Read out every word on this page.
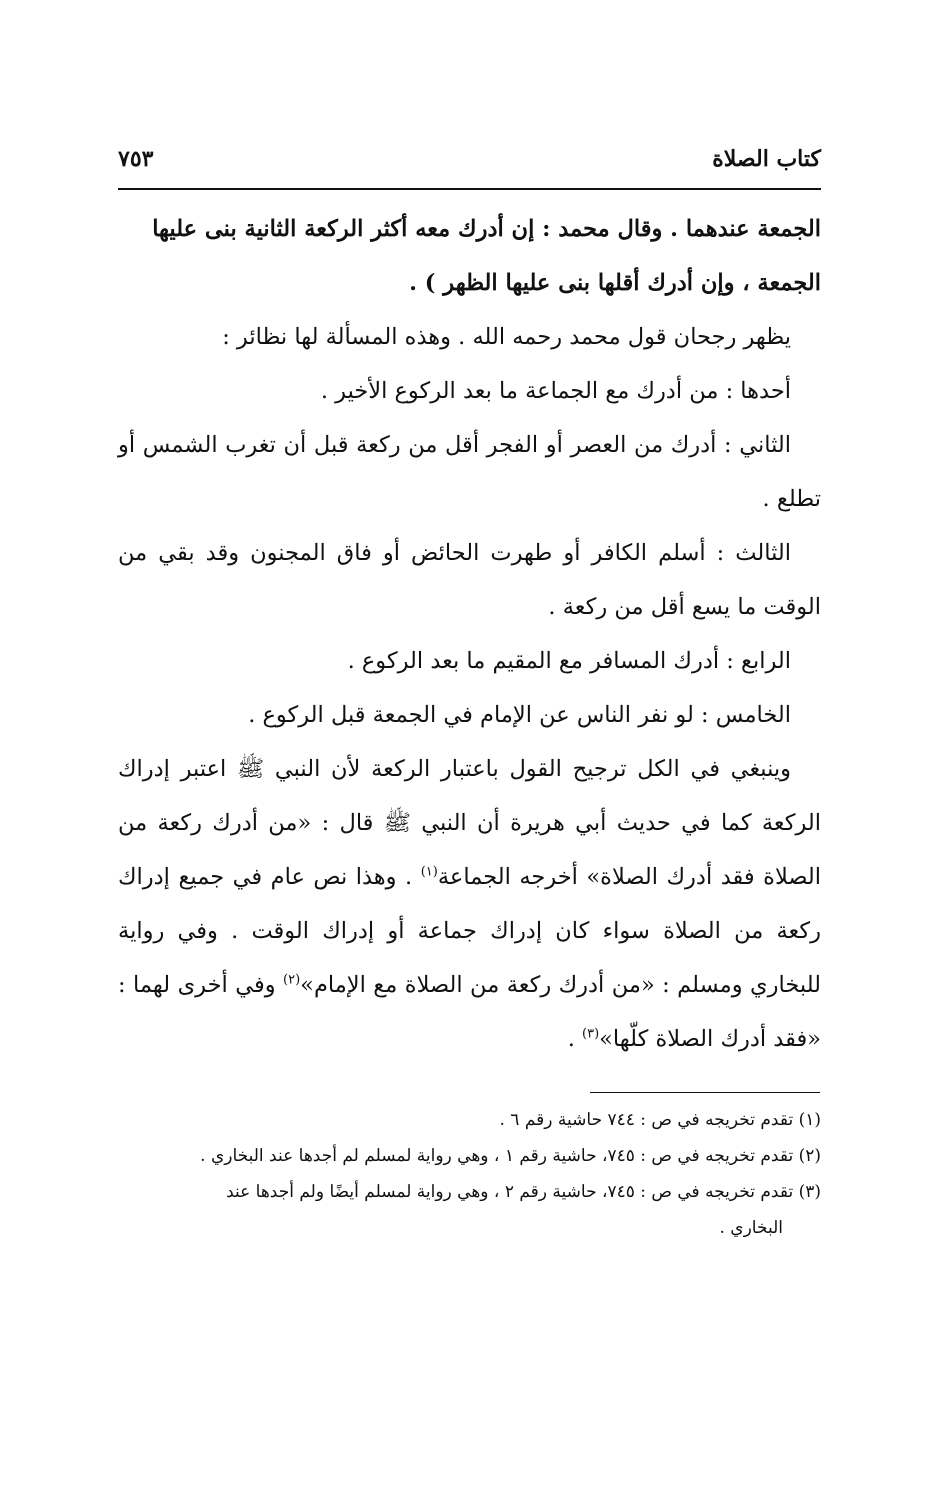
كتاب الصلاة
٧٥٣

الجمعة عندهما . وقال محمد : إن أدرك معه أكثر الركعة الثانية بنى عليها

الجمعة ، وإن أدرك أقلها بنى عليها الظهر ) .

يظهر رجحان قول محمد رحمه الله . وهذه المسألة لها نظائر :

أحدها : من أدرك مع الجماعة ما بعد الركوع الأخير .

الثاني : أدرك من العصر أو الفجر أقل من ركعة قبل أن تغرب الشمس أو تطلع .

الثالث : أسلم الكافر أو طهرت الحائض أو فاق المجنون وقد بقي من الوقت ما يسع أقل من ركعة .

الرابع : أدرك المسافر مع المقيم ما بعد الركوع .

الخامس : لو نفر الناس عن الإمام في الجمعة قبل الركوع .

وينبغي في الكل ترجيح القول باعتبار الركعة لأن النبي ﷺ اعتبر إدراك الركعة كما في حديث أبي هريرة أن النبي ﷺ قال : «من أدرك ركعة من الصلاة فقد أدرك الصلاة» أخرجه الجماعة$^{(١)}$ . وهذا نص عام في جميع إدراك ركعة من الصلاة سواء كان إدراك جماعة أو إدراك الوقت . وفي رواية للبخاري ومسلم : «من أدرك ركعة من الصلاة مع الإمام»$^{(٢)}$ وفي أخرى لهما : «فقد أدرك الصلاة كلّها»$^{(٣)}$ .

(١) تقدم تخريجه في ص : ٧٤٤ حاشية رقم ٦ .

(٢) تقدم تخريجه في ص : ٧٤٥، حاشية رقم ١ ، وهي رواية لمسلم لم أجدها عند البخاري .

(٣) تقدم تخريجه في ص : ٧٤٥، حاشية رقم ٢ ، وهي رواية لمسلم أيضًا ولم أجدها عند

البخاري .
